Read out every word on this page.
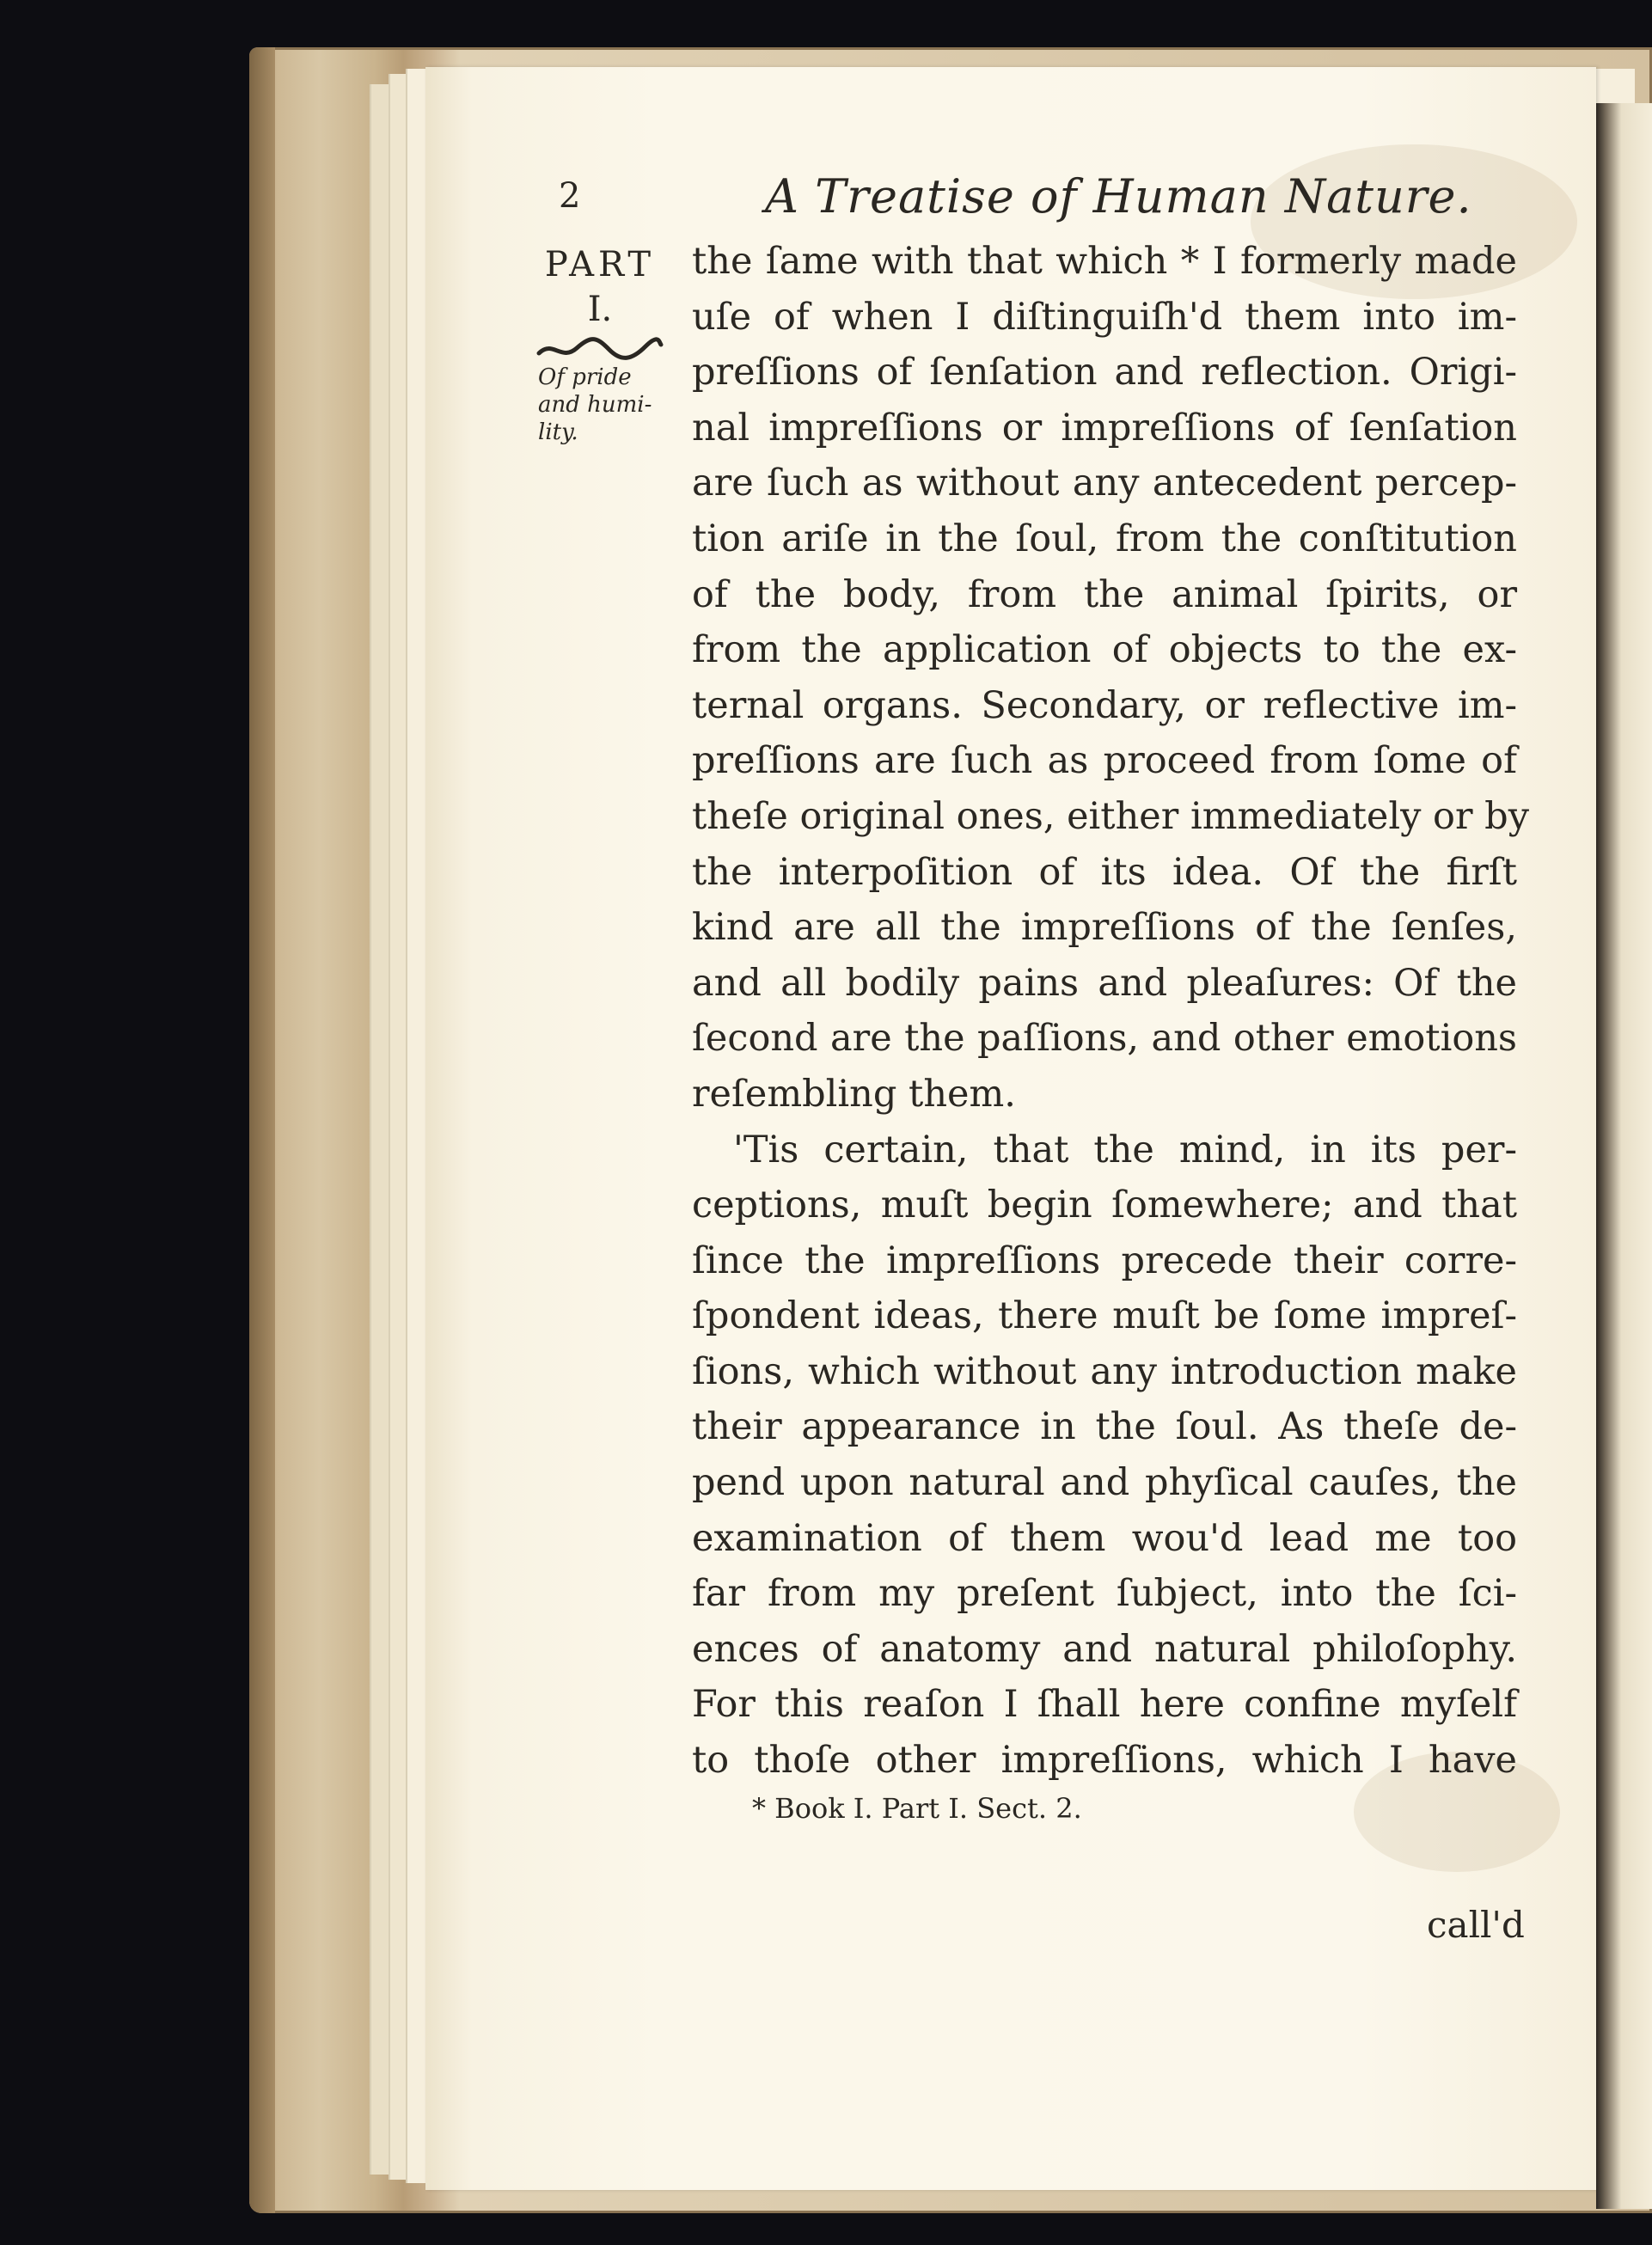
2	A Treatise of Human Nature.
PART
I.
Of pride
and humi-
lity.
the ſame with that which * I formerly made
uſe of when I diſtinguiſh'd them into im-
preſſions of ſenſation and reflection. Origi-
nal impreſſions or impreſſions of ſenſation
are ſuch as without any antecedent percep-
tion ariſe in the ſoul, from the conſtitution
of the body, from the animal ſpirits, or
from the application of objects to the ex-
ternal organs. Secondary, or reflective im-
preſſions are ſuch as proceed from ſome of
theſe original ones, either immediately or by
the interpoſition of its idea. Of the firſt
kind are all the impreſſions of the ſenſes,
and all bodily pains and pleaſures: Of the
ſecond are the paſſions, and other emotions
reſembling them.
'Tis certain, that the mind, in its per-
ceptions, muſt begin ſomewhere; and that
ſince the impreſſions precede their corre-
ſpondent ideas, there muſt be ſome impreſ-
ſions, which without any introduction make
their appearance in the ſoul. As theſe de-
pend upon natural and phyſical cauſes, the
examination of them wou'd lead me too
far from my preſent ſubject, into the ſci-
ences of anatomy and natural philoſophy.
For this reaſon I ſhall here confine myſelf
to thoſe other impreſſions, which I have
* Book I. Part I. Sect. 2.
call'd
